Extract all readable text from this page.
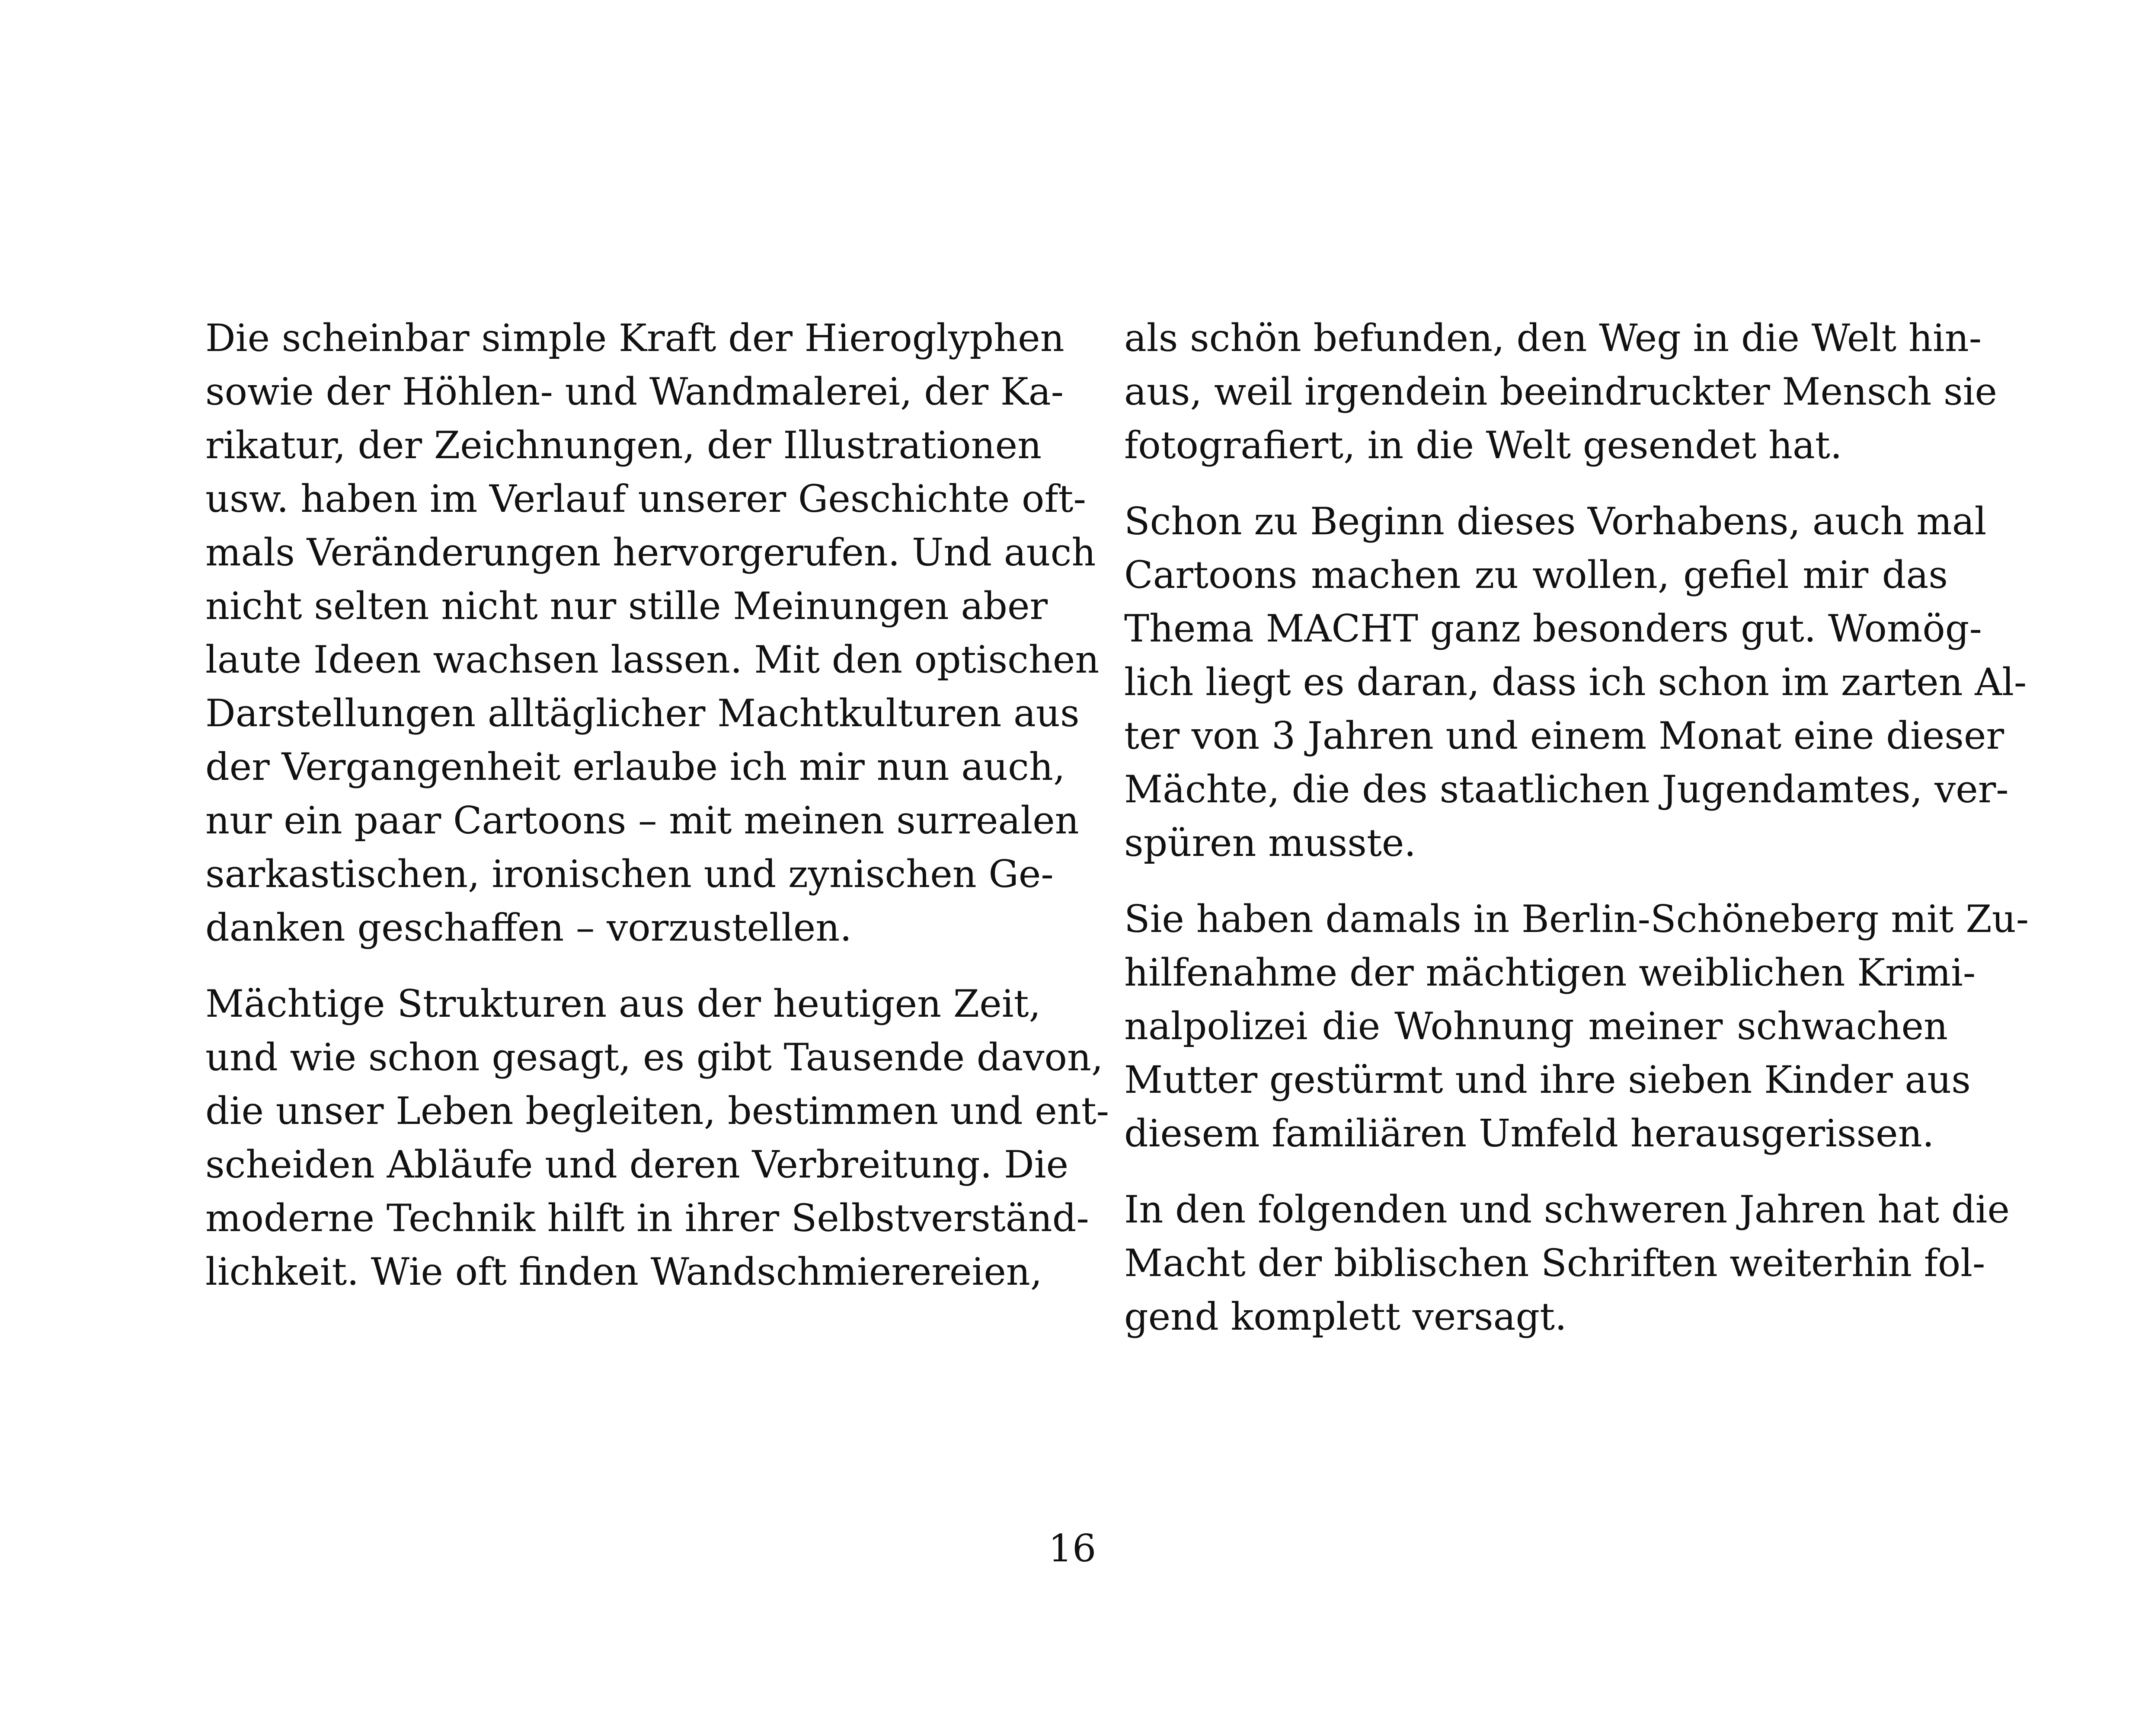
Die scheinbar simple Kraft der Hieroglyphen
sowie der Höhlen- und Wandmalerei, der Ka-
rikatur, der Zeichnungen, der Illustrationen
usw. haben im Verlauf unserer Geschichte oft-
mals Veränderungen hervorgerufen. Und auch
nicht selten nicht nur stille Meinungen aber
laute Ideen wachsen lassen. Mit den optischen
Darstellungen alltäglicher Machtkulturen aus
der Vergangenheit erlaube ich mir nun auch,
nur ein paar Cartoons – mit meinen surrealen
sarkastischen, ironischen und zynischen Ge-
danken geschaffen – vorzustellen.
Mächtige Strukturen aus der heutigen Zeit,
und wie schon gesagt, es gibt Tausende davon,
die unser Leben begleiten, bestimmen und ent-
scheiden Abläufe und deren Verbreitung. Die
moderne Technik hilft in ihrer Selbstverständ-
lichkeit. Wie oft finden Wandschmierereien,
als schön befunden, den Weg in die Welt hin-
aus, weil irgendein beeindruckter Mensch sie
fotografiert, in die Welt gesendet hat.
Schon zu Beginn dieses Vorhabens, auch mal
Cartoons machen zu wollen, gefiel mir das
Thema MACHT ganz besonders gut. Womög-
lich liegt es daran, dass ich schon im zarten Al-
ter von 3 Jahren und einem Monat eine dieser
Mächte, die des staatlichen Jugendamtes, ver-
spüren musste.
Sie haben damals in Berlin-Schöneberg mit Zu-
hilfenahme der mächtigen weiblichen Krimi-
nalpolizei die Wohnung meiner schwachen
Mutter gestürmt und ihre sieben Kinder aus
diesem familiären Umfeld herausgerissen.
In den folgenden und schweren Jahren hat die
Macht der biblischen Schriften weiterhin fol-
gend komplett versagt.
16
